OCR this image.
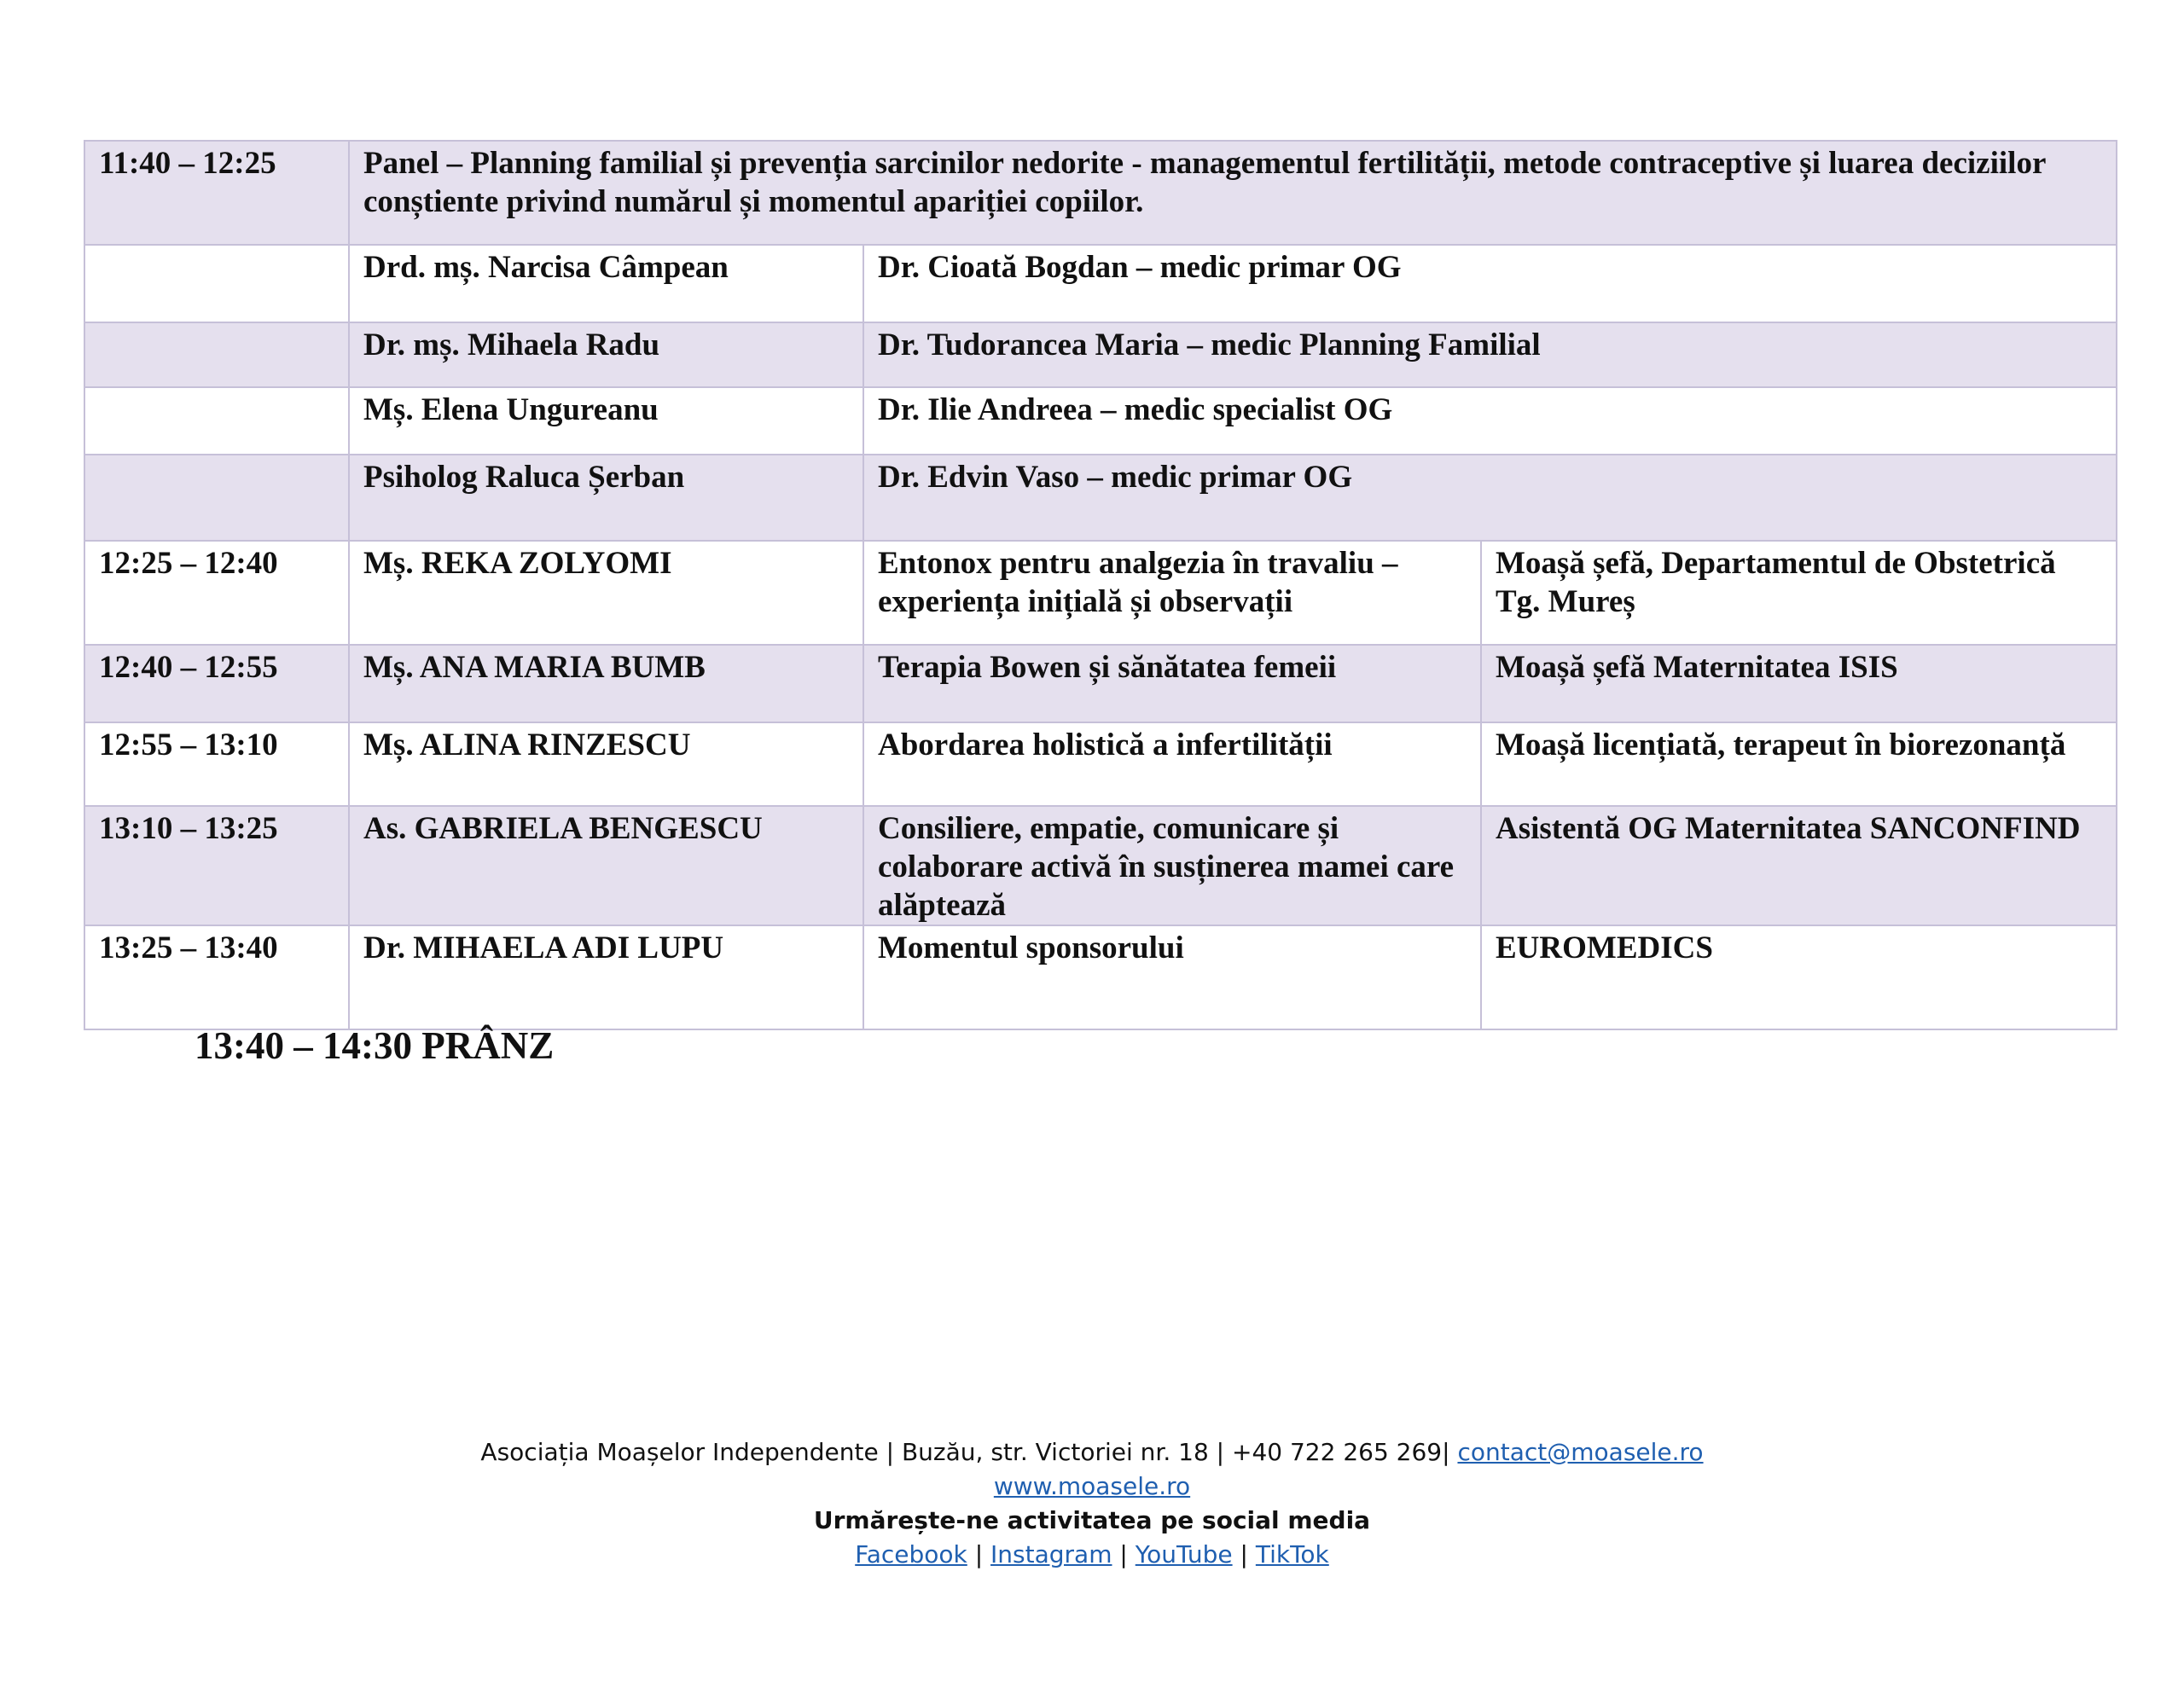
11:40 – 12:25	Panel – Planning familial și prevenția sarcinilor nedorite - managementul fertilității, metode contraceptive și luarea deciziilor conștiente privind numărul și momentul apariției copiilor.		
	Drd. mș. Narcisa Câmpean	Dr. Cioată Bogdan – medic primar OG	
	Dr. mș. Mihaela Radu	Dr. Tudorancea Maria – medic Planning Familial	
	Mș. Elena Ungureanu	Dr. Ilie Andreea – medic specialist OG	
	Psiholog Raluca Șerban	Dr. Edvin Vaso – medic primar OG	
12:25 – 12:40	Mș. REKA ZOLYOMI	Entonox pentru analgezia în travaliu – experiența inițială și observații	Moașă șefă, Departamentul de Obstetrică Tg. Mureș
12:40 – 12:55	Mș. ANA MARIA BUMB	Terapia Bowen și sănătatea femeii	Moașă șefă Maternitatea ISIS
12:55 – 13:10	Mș. ALINA RINZESCU	Abordarea holistică a infertilității	Moașă licențiată, terapeut în biorezonanță
13:10 – 13:25	As. GABRIELA BENGESCU	Consiliere, empatie, comunicare și colaborare activă în susținerea mamei care alăptează	Asistentă OG Maternitatea SANCONFIND
13:25 – 13:40	Dr. MIHAELA ADI LUPU	Momentul sponsorului	EUROMEDICS
13:40 – 14:30 PRÂNZ
Asociația Moașelor Independente | Buzău, str. Victoriei nr. 18 | +40 722 265 269| contact@moasele.ro
www.moasele.ro
Urmărește-ne activitatea pe social media
Facebook | Instagram | YouTube | TikTok
